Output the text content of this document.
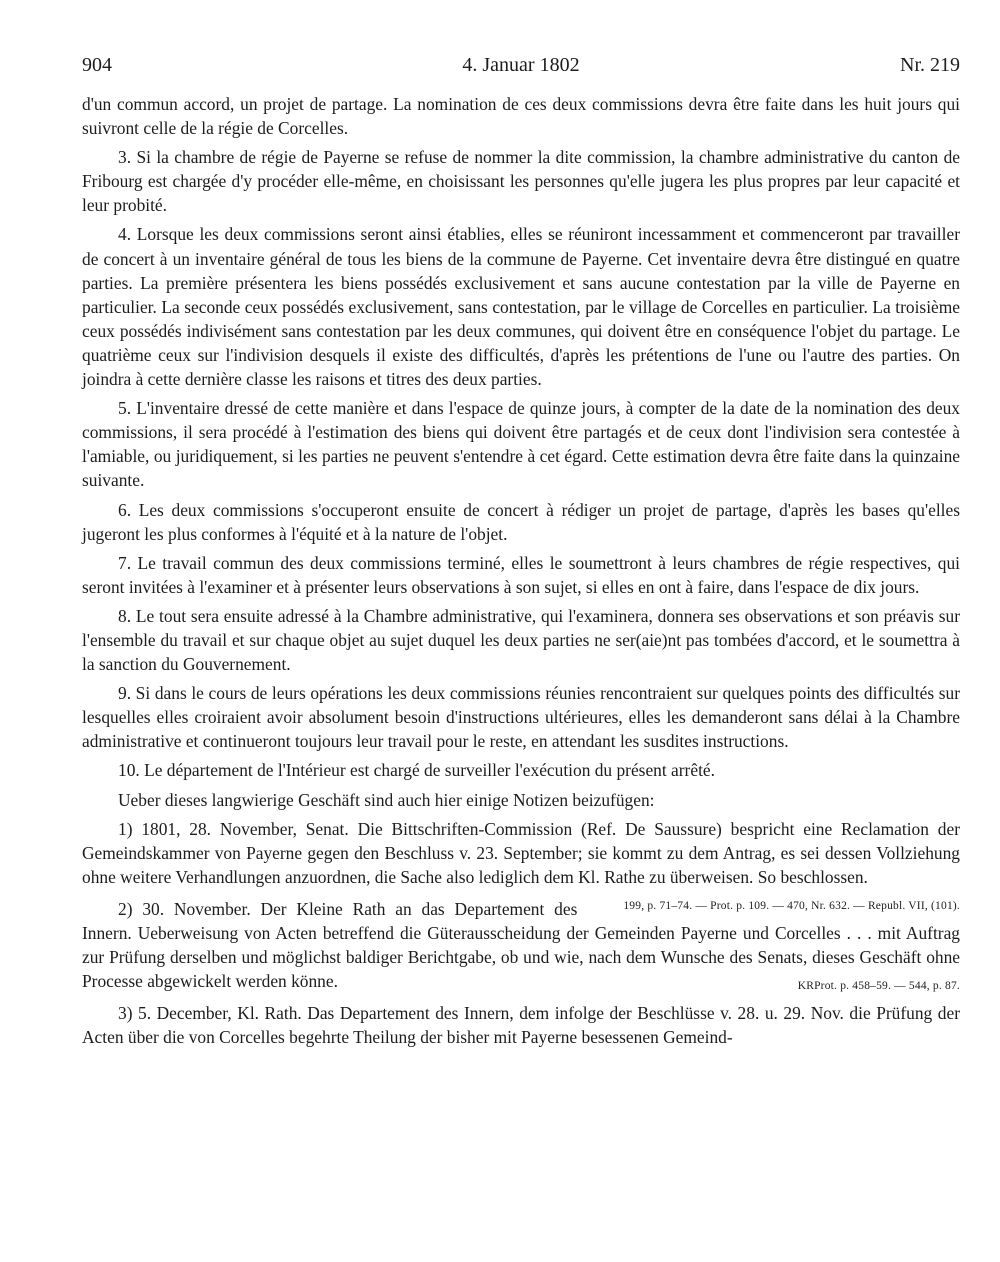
904	4. Januar 1802	Nr. 219

d'un commun accord, un projet de partage. La nomination de ces deux commissions devra être faite dans les huit jours qui suivront celle de la régie de Corcelles.

3. Si la chambre de régie de Payerne se refuse de nommer la dite commission, la chambre administrative du canton de Fribourg est chargée d'y procéder elle-même, en choisissant les personnes qu'elle jugera les plus propres par leur capacité et leur probité.

4. Lorsque les deux commissions seront ainsi établies, elles se réuniront incessamment et commenceront par travailler de concert à un inventaire général de tous les biens de la commune de Payerne. Cet inventaire devra être distingué en quatre parties. La première présentera les biens possédés exclusivement et sans aucune contestation par la ville de Payerne en particulier. La seconde ceux possédés exclusivement, sans contestation, par le village de Corcelles en particulier. La troisième ceux possédés indivisément sans contestation par les deux communes, qui doivent être en conséquence l'objet du partage. Le quatrième ceux sur l'indivision desquels il existe des difficultés, d'après les prétentions de l'une ou l'autre des parties. On joindra à cette dernière classe les raisons et titres des deux parties.

5. L'inventaire dressé de cette manière et dans l'espace de quinze jours, à compter de la date de la nomination des deux commissions, il sera procédé à l'estimation des biens qui doivent être partagés et de ceux dont l'indivision sera contestée à l'amiable, ou juridiquement, si les parties ne peuvent s'entendre à cet égard. Cette estimation devra être faite dans la quinzaine suivante.

6. Les deux commissions s'occuperont ensuite de concert à rédiger un projet de partage, d'après les bases qu'elles jugeront les plus conformes à l'équité et à la nature de l'objet.

7. Le travail commun des deux commissions terminé, elles le soumettront à leurs chambres de régie respectives, qui seront invitées à l'examiner et à présenter leurs observations à son sujet, si elles en ont à faire, dans l'espace de dix jours.

8. Le tout sera ensuite adressé à la Chambre administrative, qui l'examinera, donnera ses observations et son préavis sur l'ensemble du travail et sur chaque objet au sujet duquel les deux parties ne ser(aie)nt pas tombées d'accord, et le soumettra à la sanction du Gouvernement.

9. Si dans le cours de leurs opérations les deux commissions réunies rencontraient sur quelques points des difficultés sur lesquelles elles croiraient avoir absolument besoin d'instructions ultérieures, elles les demanderont sans délai à la Chambre administrative et continueront toujours leur travail pour le reste, en attendant les susdites instructions.

10. Le département de l'Intérieur est chargé de surveiller l'exécution du présent arrêté.

Ueber dieses langwierige Geschäft sind auch hier einige Notizen beizufügen:

1) 1801, 28. November, Senat. Die Bittschriften-Commission (Ref. De Saussure) bespricht eine Reclamation der Gemeindskammer von Payerne gegen den Beschluss v. 23. September; sie kommt zu dem Antrag, es sei dessen Vollziehung ohne weitere Verhandlungen anzuordnen, die Sache also lediglich dem Kl. Rathe zu überweisen. So beschlossen.
199, p. 71–74. — Prot. p. 109. — 470, Nr. 632. — Republ. VII, (101).

2) 30. November. Der Kleine Rath an das Departement des Innern. Ueberweisung von Acten betreffend die Güterausscheidung der Gemeinden Payerne und Corcelles . . . mit Auftrag zur Prüfung derselben und möglichst baldiger Berichtgabe, ob und wie, nach dem Wunsche des Senats, dieses Geschäft ohne Processe abgewickelt werden könne.	KRProt. p. 458–59. — 544, p. 87.

3) 5. December, Kl. Rath. Das Departement des Innern, dem infolge der Beschlüsse v. 28. u. 29. Nov. die Prüfung der Acten über die von Corcelles begehrte Theilung der bisher mit Payerne besessenen Gemeind-
